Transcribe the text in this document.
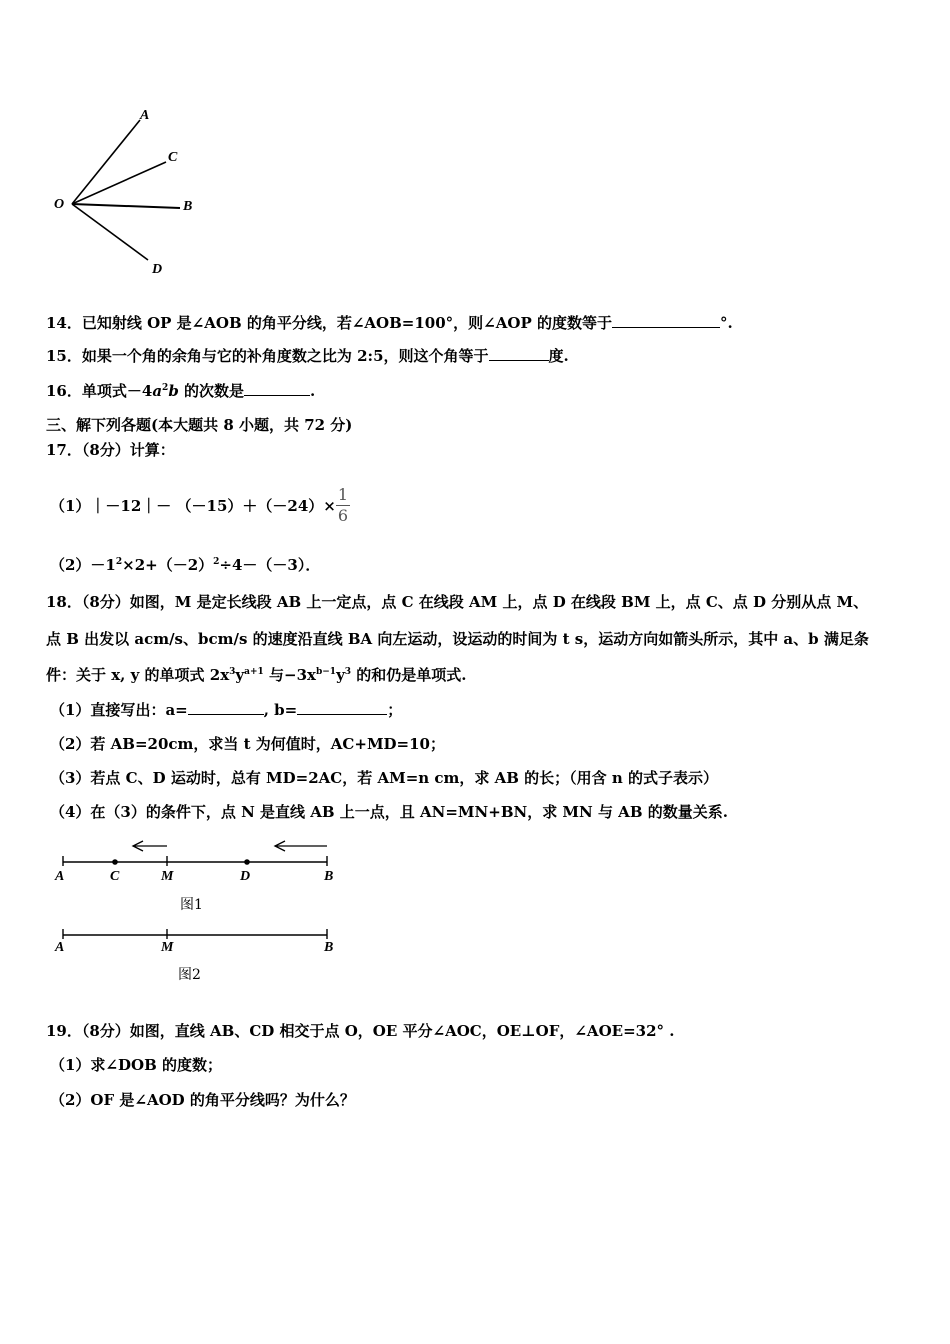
A
C
O	B
D
14．已知射线 OP 是∠AOB 的角平分线，若∠AOB=100°，则∠AOP 的度数等于	°.
15．如果一个角的余角与它的补角度数之比为 2:5，则这个角等于	度.
16．单项式$-4a^2b$ 的次数是	.
三、解下列各题(本大题共 8 小题，共 72 分)
17．（8分）计算：
（1）｜－12｜－ $(-15)+(-24)\times \frac{1}{6}$
$(2)-1^2\times 2+(-2)^2\div 4-(-3)$．
18．（8分）如图，M 是定长线段 AB 上一定点，点 C 在线段 AM 上，点 D 在线段 BM 上，点 C、点 D 分别从点 M、
点 B 出发以 acm/s、bcm/s 的速度沿直线 BA 向左运动，设运动的时间为 t s，运动方向如箭头所示，其中 a、b 满足条
件：关于 x, y 的单项式 $2x^3y^{a+1}$ 与$-3x^{b-1}y^3$ 的和仍是单项式.
（1）直接写出：a=	, b=	；
（2）若 AB=20cm，求当 t 为何值时，AC+MD=10；
（3）若点 C、D 运动时，总有 MD=2AC，若 AM=n cm，求 AB 的长；（用含 n 的式子表示）
（4）在（3）的条件下，点 N 是直线 AB 上一点，且 AN=MN+BN，求 MN 与 AB 的数量关系.
A	C	M	D	B
图1
A	M	B
图2
19．（8分）如图，直线 AB、CD 相交于点 O，OE 平分∠AOC，OE⊥OF，∠AOE=32° .
（1）求∠DOB 的度数；
（2）OF 是∠AOD 的角平分线吗？为什么？
